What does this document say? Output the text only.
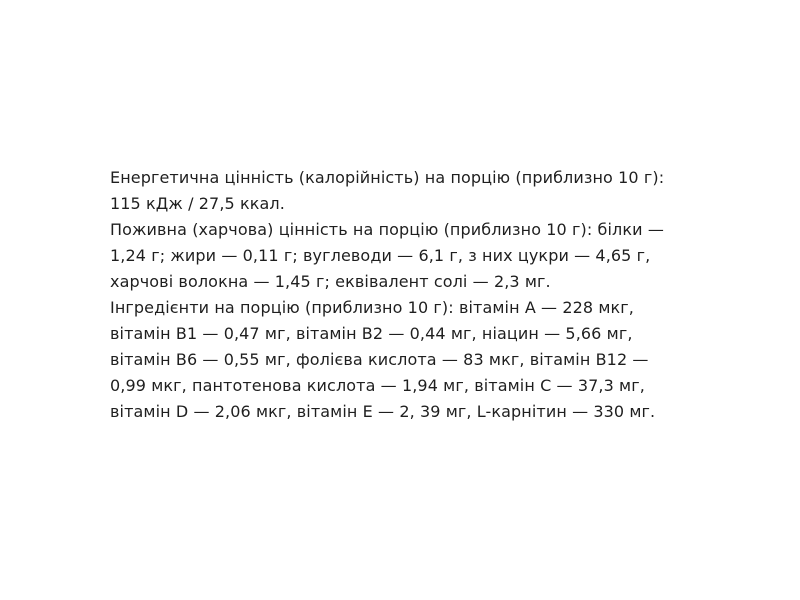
Енергетична цінність (калорійність) на порцію (приблизно 10 г):
115 кДж / 27,5 ккал.
Поживна (харчова) цінність на порцію (приблизно 10 г): білки —
1,24 г; жири — 0,11 г; вуглеводи — 6,1 г, з них цукри — 4,65 г,
харчові волокна — 1,45 г; еквівалент солі — 2,3 мг.
Інгредієнти на порцію (приблизно 10 г): вітамін А — 228 мкг,
вітамін В1 — 0,47 мг, вітамін В2 — 0,44 мг, ніацин — 5,66 мг,
вітамін В6 — 0,55 мг, фолієва кислота — 83 мкг, вітамін В12 —
0,99 мкг, пантотенова кислота — 1,94 мг, вітамін С — 37,3 мг,
вітамін D — 2,06 мкг, вітамін Е — 2, 39 мг, L-карнітин — 330 мг.
